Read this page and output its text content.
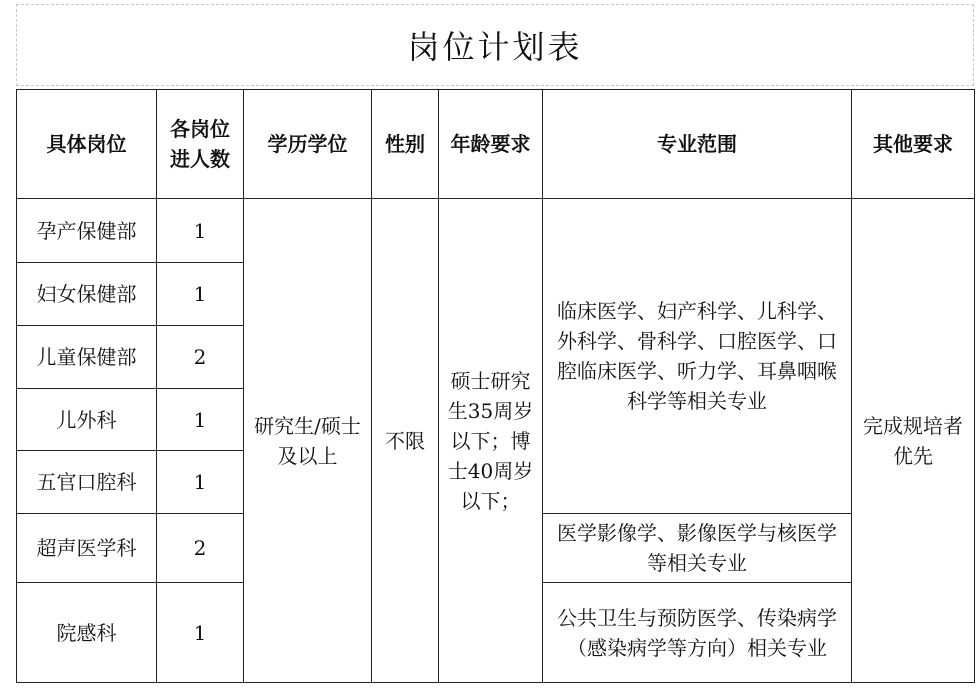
岗位计划表
具体岗位	各岗位进人数	学历学位	性别	年龄要求	专业范围	其他要求
孕产保健部	1	研究生/硕士及以上	不限	硕士研究生35周岁以下；博士40周岁以下；	临床医学、妇产科学、儿科学、外科学、骨科学、口腔医学、口腔临床医学、听力学、耳鼻咽喉科学等相关专业	完成规培者优先
妇女保健部	1					
儿童保健部	2					
儿外科	1					
五官口腔科	1					
超声医学科	2				医学影像学、影像医学与核医学等相关专业	
院感科	1				公共卫生与预防医学、传染病学（感染病学等方向）相关专业	
